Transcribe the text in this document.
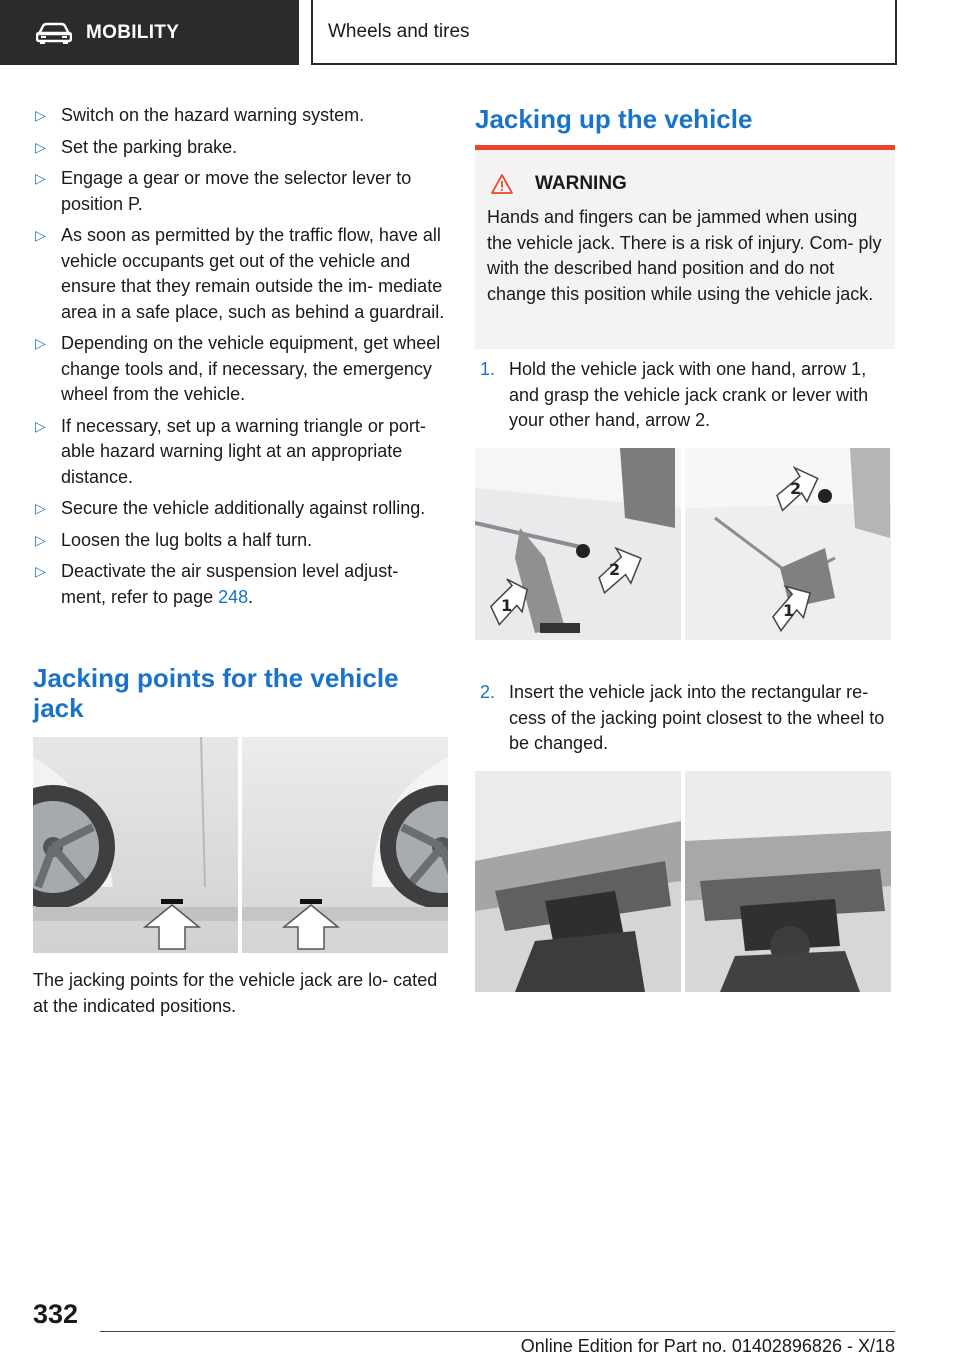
MOBILITY	Wheels and tires
▷ Switch on the hazard warning system.
▷ Set the parking brake.
▷ Engage a gear or move the selector lever to position P.
▷ As soon as permitted by the traffic flow, have all vehicle occupants get out of the vehicle and ensure that they remain outside the im‐ mediate area in a safe place, such as behind a guardrail.
▷ Depending on the vehicle equipment, get wheel change tools and, if necessary, the emergency wheel from the vehicle.
▷ If necessary, set up a warning triangle or port‐ able hazard warning light at an appropriate distance.
▷ Secure the vehicle additionally against rolling.
▷ Loosen the lug bolts a half turn.
▷ Deactivate the air suspension level adjust‐ ment, refer to page 248.
Jacking points for the vehicle jack

The jacking points for the vehicle jack are lo‐ cated at the indicated positions.

Jacking up the vehicle
WARNING
Hands and fingers can be jammed when using the vehicle jack. There is a risk of injury. Com‐ ply with the described hand position and do not change this position while using the vehicle jack.
1. Hold the vehicle jack with one hand, arrow 1, and grasp the vehicle jack crank or lever with your other hand, arrow 2.
1
2
2
1
2. Insert the vehicle jack into the rectangular re‐ cess of the jacking point closest to the wheel to be changed.
332
Online Edition for Part no. 01402896826 - X/18
